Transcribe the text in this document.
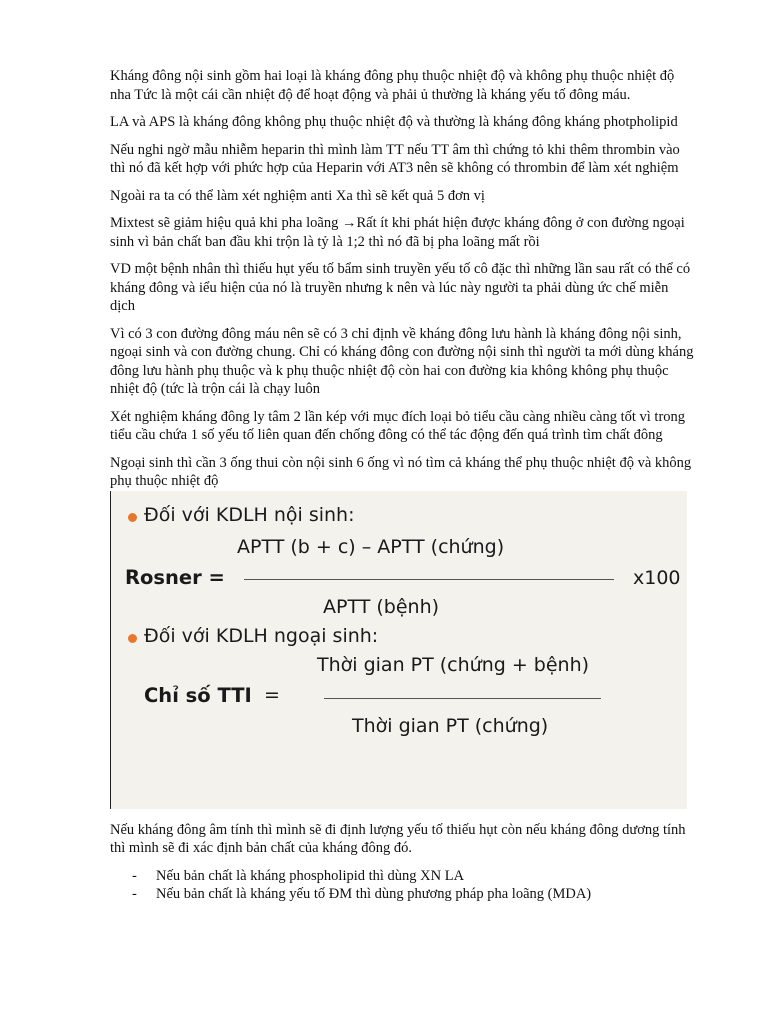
Kháng đông nội sinh gồm hai loại là kháng đông phụ thuộc nhiệt độ và không phụ thuộc nhiệt độ nha Tức là một cái cần nhiệt độ để hoạt động và phải ủ thường là kháng yếu tố đông máu.

LA và APS là kháng đông không phụ thuộc nhiệt độ và thường là kháng đông kháng photpholipid

Nếu nghi ngờ mẫu nhiễm heparin thì mình làm TT nếu TT âm thì chứng tỏ khi thêm thrombin vào thì nó đã kết hợp với phức hợp của Heparin với AT3 nên sẽ không có thrombin để làm xét nghiệm

Ngoài ra ta có thể làm xét nghiệm anti Xa thì sẽ kết quả 5 đơn vị

Mixtest sẽ giảm hiệu quả khi pha loãng →Rất ít khi phát hiện được kháng đông ở con đường ngoại sinh vì bản chất ban đầu khi trộn là tỷ là 1;2 thì nó đã bị pha loãng mất rồi

VD một bệnh nhân thì thiếu hụt yếu tố bẩm sinh truyền yếu tố cô đặc thì những lần sau rất có thể có kháng đông và iểu hiện của nó là truyền nhưng k nên và lúc này người ta phải dùng ức chế miễn dịch

Vì có 3 con đường đông máu nên sẽ có 3 chỉ định về kháng đông lưu hành là kháng đông nội sinh, ngoại sinh và con đường chung. Chỉ có kháng đông con đường nội sinh thì người ta mới dùng kháng đông lưu hành phụ thuộc và k phụ thuộc nhiệt độ còn hai con đường kia không không phụ thuộc nhiệt độ (tức là trộn cái là chạy luôn

Xét nghiệm kháng đông ly tâm 2 lần kép với mục đích loại bỏ tiểu cầu càng nhiều càng tốt vì trong tiểu cầu chứa 1 số yếu tố liên quan đến chống đông có thể tác động đến quá trình tìm chất đông

Ngoại sinh thì cần 3 ống thui còn nội sinh 6 ống vì nó tìm cả kháng thể phụ thuộc nhiệt độ và không phụ thuộc nhiệt độ

Đối với KDLH nội sinh:
APTT (b + c) – APTT (chứng)
Rosner =	x100
APTT (bệnh)
Đối với KDLH ngoại sinh:
Thời gian PT (chứng + bệnh)
Chỉ số TTI =
Thời gian PT (chứng)

Nếu kháng đông âm tính thì mình sẽ đi định lượng yếu tố thiếu hụt còn nếu kháng đông dương tính thì mình sẽ đi xác định bản chất của kháng đông đó.

- Nếu bản chất là kháng phospholipid thì dùng XN LA
- Nếu bản chất là kháng yếu tố ĐM thì dùng phương pháp pha loãng (MDA)
